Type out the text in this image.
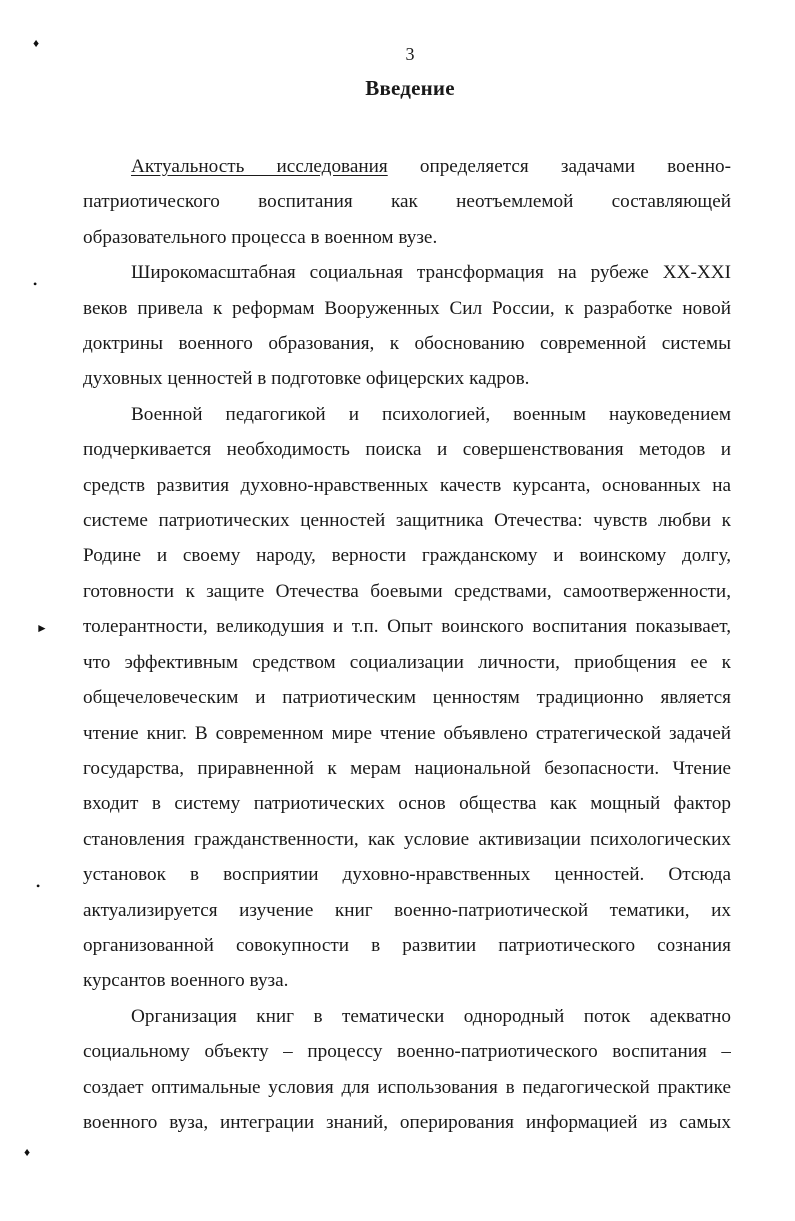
♦
•
►
•
♦
3
Введение
Актуальность исследования определяется задачами военно-
патриотического воспитания как неотъемлемой составляющей
образовательного процесса в военном вузе.
Широкомасштабная социальная трансформация на рубеже XX-XXI
веков привела к реформам Вооруженных Сил России, к разработке новой
доктрины военного образования, к обоснованию современной системы
духовных ценностей в подготовке офицерских кадров.
Военной педагогикой и психологией, военным науковедением
подчеркивается необходимость поиска и совершенствования методов и
средств развития духовно-нравственных качеств курсанта, основанных на
системе патриотических ценностей защитника Отечества: чувств любви к
Родине и своему народу, верности гражданскому и воинскому долгу,
готовности к защите Отечества боевыми средствами, самоотверженности,
толерантности, великодушия и т.п. Опыт воинского воспитания показывает,
что эффективным средством социализации личности, приобщения ее к
общечеловеческим и патриотическим ценностям традиционно является
чтение книг. В современном мире чтение объявлено стратегической задачей
государства, приравненной к мерам национальной безопасности. Чтение
входит в систему патриотических основ общества как мощный фактор
становления гражданственности, как условие активизации психологических
установок в восприятии духовно-нравственных ценностей. Отсюда
актуализируется изучение книг военно-патриотической тематики, их
организованной совокупности в развитии патриотического сознания
курсантов военного вуза.
Организация книг в тематически однородный поток адекватно
социальному объекту – процессу военно-патриотического воспитания –
создает оптимальные условия для использования в педагогической практике
военного вуза, интеграции знаний, оперирования информацией из самых
